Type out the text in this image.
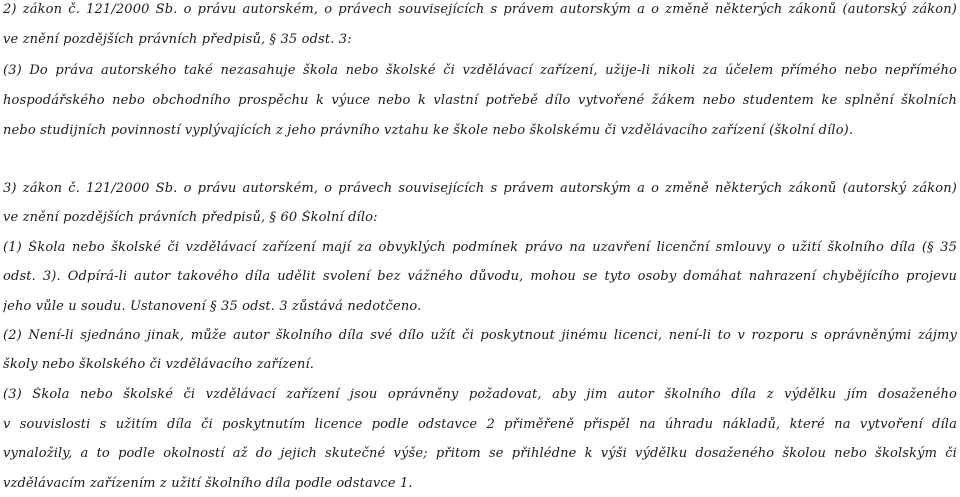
2) zákon č. 121/2000 Sb. o právu autorském, o právech souvisejících s právem autorským a o změně některých zákonů (autorský zákon)
ve znění pozdějších právních předpisů, § 35 odst. 3:
(3) Do práva autorského také nezasahuje škola nebo školské či vzdělávací zařízení, užije-li nikoli za účelem přímého nebo nepřímého
hospodářského nebo obchodního prospěchu k výuce nebo k vlastní potřebě dílo vytvořené žákem nebo studentem ke splnění školních
nebo studijních povinností vyplývajících z jeho právního vztahu ke škole nebo školskému či vzdělávacího zařízení (školní dílo).
3) zákon č. 121/2000 Sb. o právu autorském, o právech souvisejících s právem autorským a o změně některých zákonů (autorský zákon)
ve znění pozdějších právních předpisů, § 60 Školní dílo:
(1) Škola nebo školské či vzdělávací zařízení mají za obvyklých podmínek právo na uzavření licenční smlouvy o užití školního díla (§ 35
odst. 3). Odpírá-li autor takového díla udělit svolení bez vážného důvodu, mohou se tyto osoby domáhat nahrazení chybějícího projevu
jeho vůle u soudu. Ustanovení § 35 odst. 3 zůstává nedotčeno.
(2) Není-li sjednáno jinak, může autor školního díla své dílo užít či poskytnout jinému licenci, není-li to v rozporu s oprávněnými zájmy
školy nebo školského či vzdělávacího zařízení.
(3) Škola nebo školské či vzdělávací zařízení jsou oprávněny požadovat, aby jim autor školního díla z výdělku jím dosaženého
v souvislosti s užitím díla či poskytnutím licence podle odstavce 2 přiměřeně přispěl na úhradu nákladů, které na vytvoření díla
vynaložily, a to podle okolností až do jejich skutečné výše; přitom se přihlédne k výši výdělku dosaženého školou nebo školským či
vzdělávacím zařízením z užití školního díla podle odstavce 1.
